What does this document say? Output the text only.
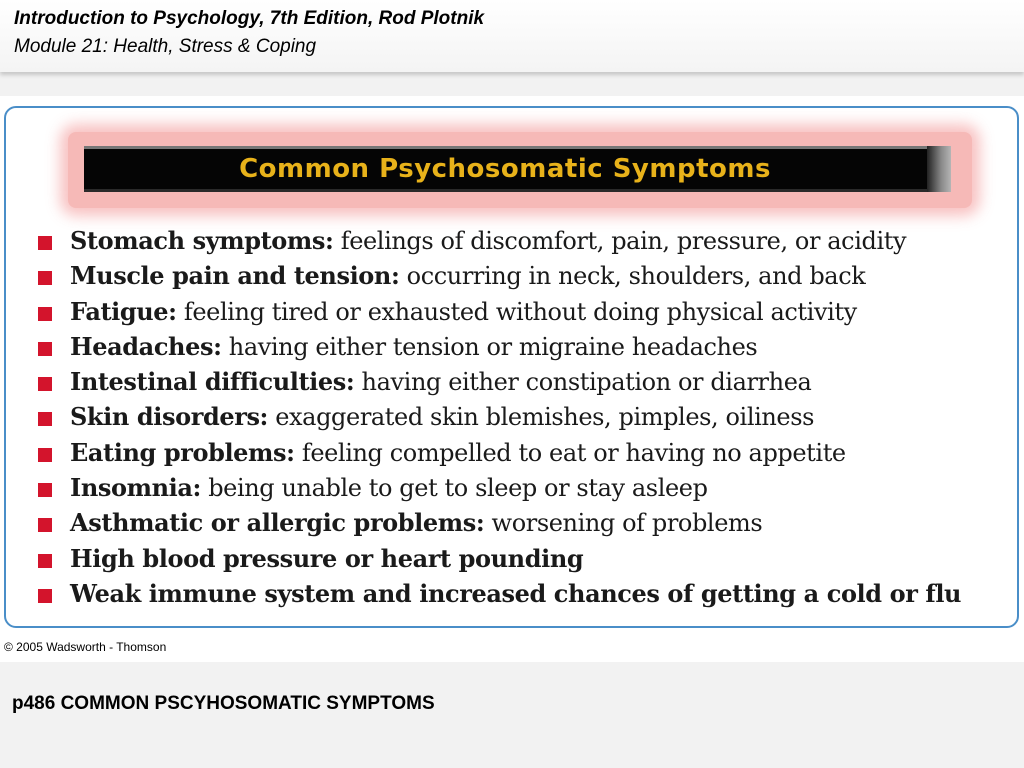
Introduction to Psychology, 7th Edition, Rod Plotnik
Module 21: Health, Stress & Coping
Common Psychosomatic Symptoms
Stomach symptoms: feelings of discomfort, pain, pressure, or acidity
Muscle pain and tension: occurring in neck, shoulders, and back
Fatigue: feeling tired or exhausted without doing physical activity
Headaches: having either tension or migraine headaches
Intestinal difficulties: having either constipation or diarrhea
Skin disorders: exaggerated skin blemishes, pimples, oiliness
Eating problems: feeling compelled to eat or having no appetite
Insomnia: being unable to get to sleep or stay asleep
Asthmatic or allergic problems: worsening of problems
High blood pressure or heart pounding
Weak immune system and increased chances of getting a cold or flu
© 2005 Wadsworth - Thomson
p486 COMMON PSCYHOSOMATIC SYMPTOMS
